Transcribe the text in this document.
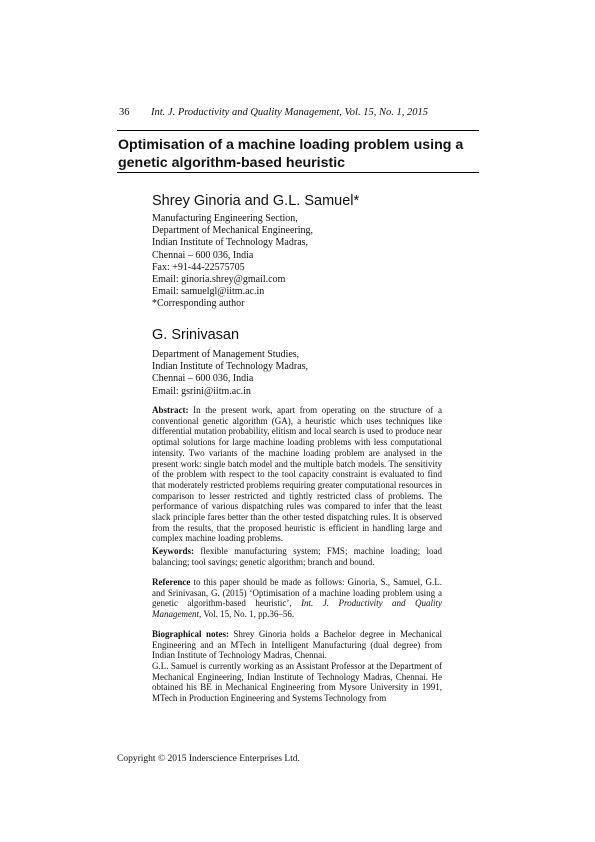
36 Int. J. Productivity and Quality Management, Vol. 15, No. 1, 2015
Optimisation of a machine loading problem using a genetic algorithm-based heuristic
Shrey Ginoria and G.L. Samuel*
Manufacturing Engineering Section,
Department of Mechanical Engineering,
Indian Institute of Technology Madras,
Chennai – 600 036, India
Fax: +91-44-22575705
Email: ginoria.shrey@gmail.com
Email: samuelgl@iitm.ac.in
*Corresponding author
G. Srinivasan
Department of Management Studies,
Indian Institute of Technology Madras,
Chennai – 600 036, India
Email: gsrini@iitm.ac.in
Abstract: In the present work, apart from operating on the structure of a conventional genetic algorithm (GA), a heuristic which uses techniques like differential mutation probability, elitism and local search is used to produce near optimal solutions for large machine loading problems with less computational intensity. Two variants of the machine loading problem are analysed in the present work: single batch model and the multiple batch models. The sensitivity of the problem with respect to the tool capacity constraint is evaluated to find that moderately restricted problems requiring greater computational resources in comparison to lesser restricted and tightly restricted class of problems. The performance of various dispatching rules was compared to infer that the least slack principle fares better than the other tested dispatching rules. It is observed from the results, that the proposed heuristic is efficient in handling large and complex machine loading problems.
Keywords: flexible manufacturing system; FMS; machine loading; load balancing; tool savings; genetic algorithm; branch and bound.
Reference to this paper should be made as follows: Ginoria, S., Samuel, G.L. and Srinivasan, G. (2015) ‘Optimisation of a machine loading problem using a genetic algorithm-based heuristic’, Int. J. Productivity and Quality Management, Vol. 15, No. 1, pp.36–56.
Biographical notes: Shrey Ginoria holds a Bachelor degree in Mechanical Engineering and an MTech in Intelligent Manufacturing (dual degree) from Indian Institute of Technology Madras, Chennai.
G.L. Samuel is currently working as an Assistant Professor at the Department of Mechanical Engineering, Indian Institute of Technology Madras, Chennai. He obtained his BE in Mechanical Engineering from Mysore University in 1991, MTech in Production Engineering and Systems Technology from
Copyright © 2015 Inderscience Enterprises Ltd.
